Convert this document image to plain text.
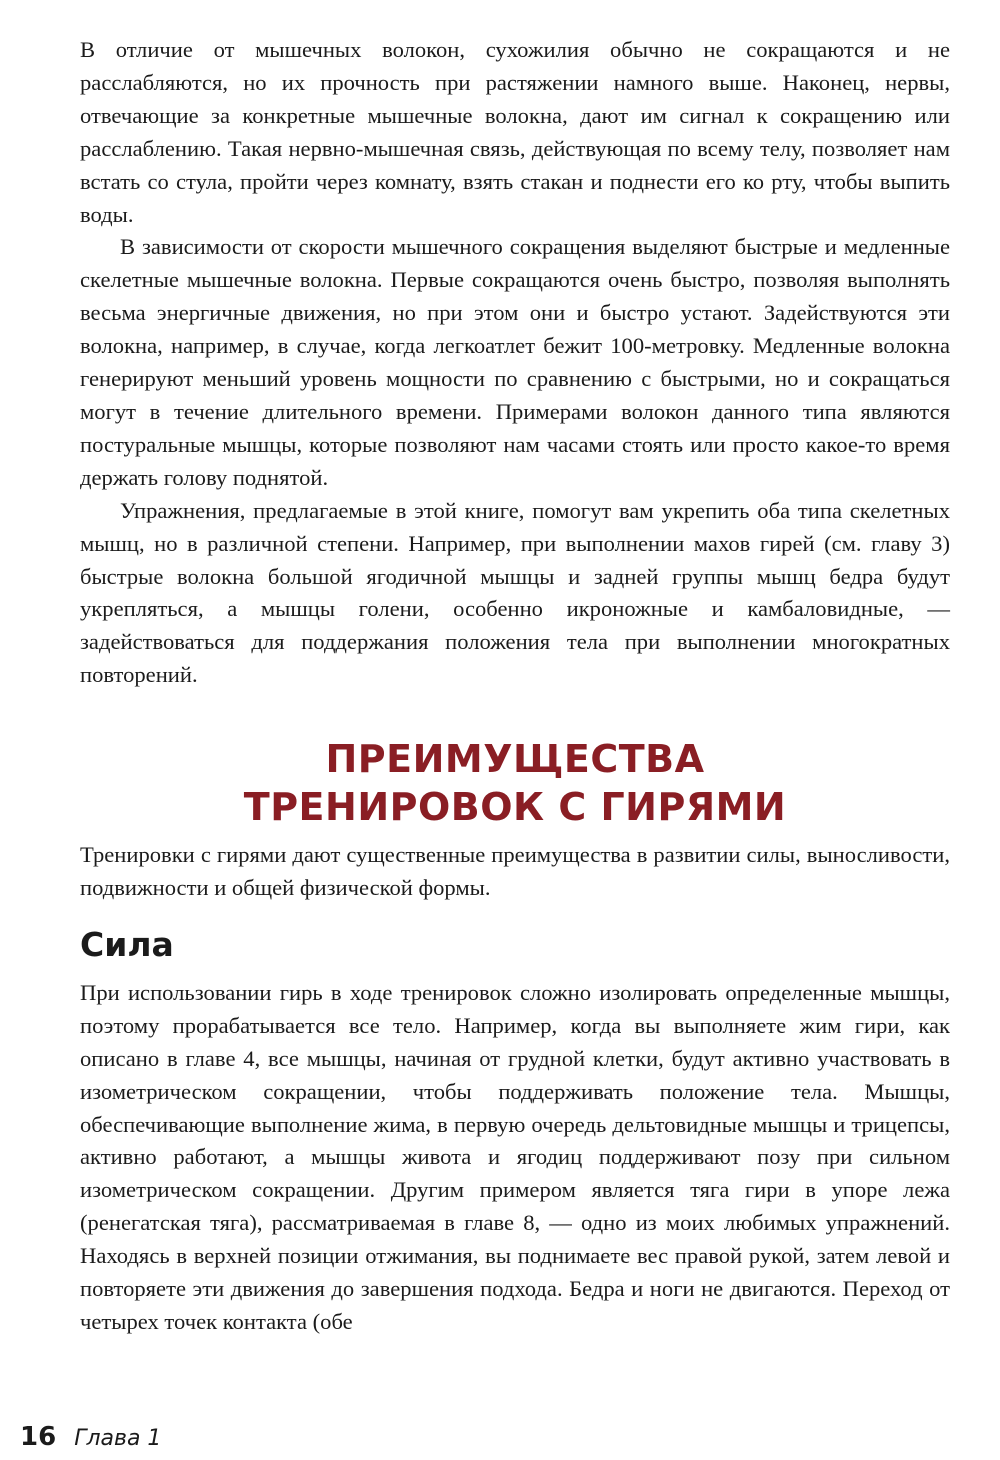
В отличие от мышечных волокон, сухожилия обычно не сокращаются и не расслабляются, но их прочность при растяжении намного выше. Наконец, нервы, отвечающие за конкретные мышечные волокна, дают им сигнал к сокращению или расслаблению. Такая нервно-мышечная связь, действующая по всему телу, позволяет нам встать со стула, пройти через комнату, взять стакан и поднести его ко рту, чтобы выпить воды.

В зависимости от скорости мышечного сокращения выделяют быстрые и медленные скелетные мышечные волокна. Первые сокращаются очень быстро, позволяя выполнять весьма энергичные движения, но при этом они и быстро устают. Задействуются эти волокна, например, в случае, когда легкоатлет бежит 100-метровку. Медленные волокна генерируют меньший уровень мощности по сравнению с быстрыми, но и сокращаться могут в течение длительного времени. Примерами волокон данного типа являются постуральные мышцы, которые позволяют нам часами стоять или просто какое-то время держать голову поднятой.

Упражнения, предлагаемые в этой книге, помогут вам укрепить оба типа скелетных мышц, но в различной степени. Например, при выполнении махов гирей (см. главу 3) быстрые волокна большой ягодичной мышцы и задней группы мышц бедра будут укрепляться, а мышцы голени, особенно икроножные и камбаловидные, — задействоваться для поддержания положения тела при выполнении многократных повторений.

ПРЕИМУЩЕСТВА
ТРЕНИРОВОК С ГИРЯМИ

Тренировки с гирями дают существенные преимущества в развитии силы, выносливости, подвижности и общей физической формы.

Сила

При использовании гирь в ходе тренировок сложно изолировать определенные мышцы, поэтому прорабатывается все тело. Например, когда вы выполняете жим гири, как описано в главе 4, все мышцы, начиная от грудной клетки, будут активно участвовать в изометрическом сокращении, чтобы поддерживать положение тела. Мышцы, обеспечивающие выполнение жима, в первую очередь дельтовидные мышцы и трицепсы, активно работают, а мышцы живота и ягодиц поддерживают позу при сильном изометрическом сокращении. Другим примером является тяга гири в упоре лежа (ренегатская тяга), рассматриваемая в главе 8, — одно из моих любимых упражнений. Находясь в верхней позиции отжимания, вы поднимаете вес правой рукой, затем левой и повторяете эти движения до завершения подхода. Бедра и ноги не двигаются. Переход от четырех точек контакта (обе

16 Глава 1
